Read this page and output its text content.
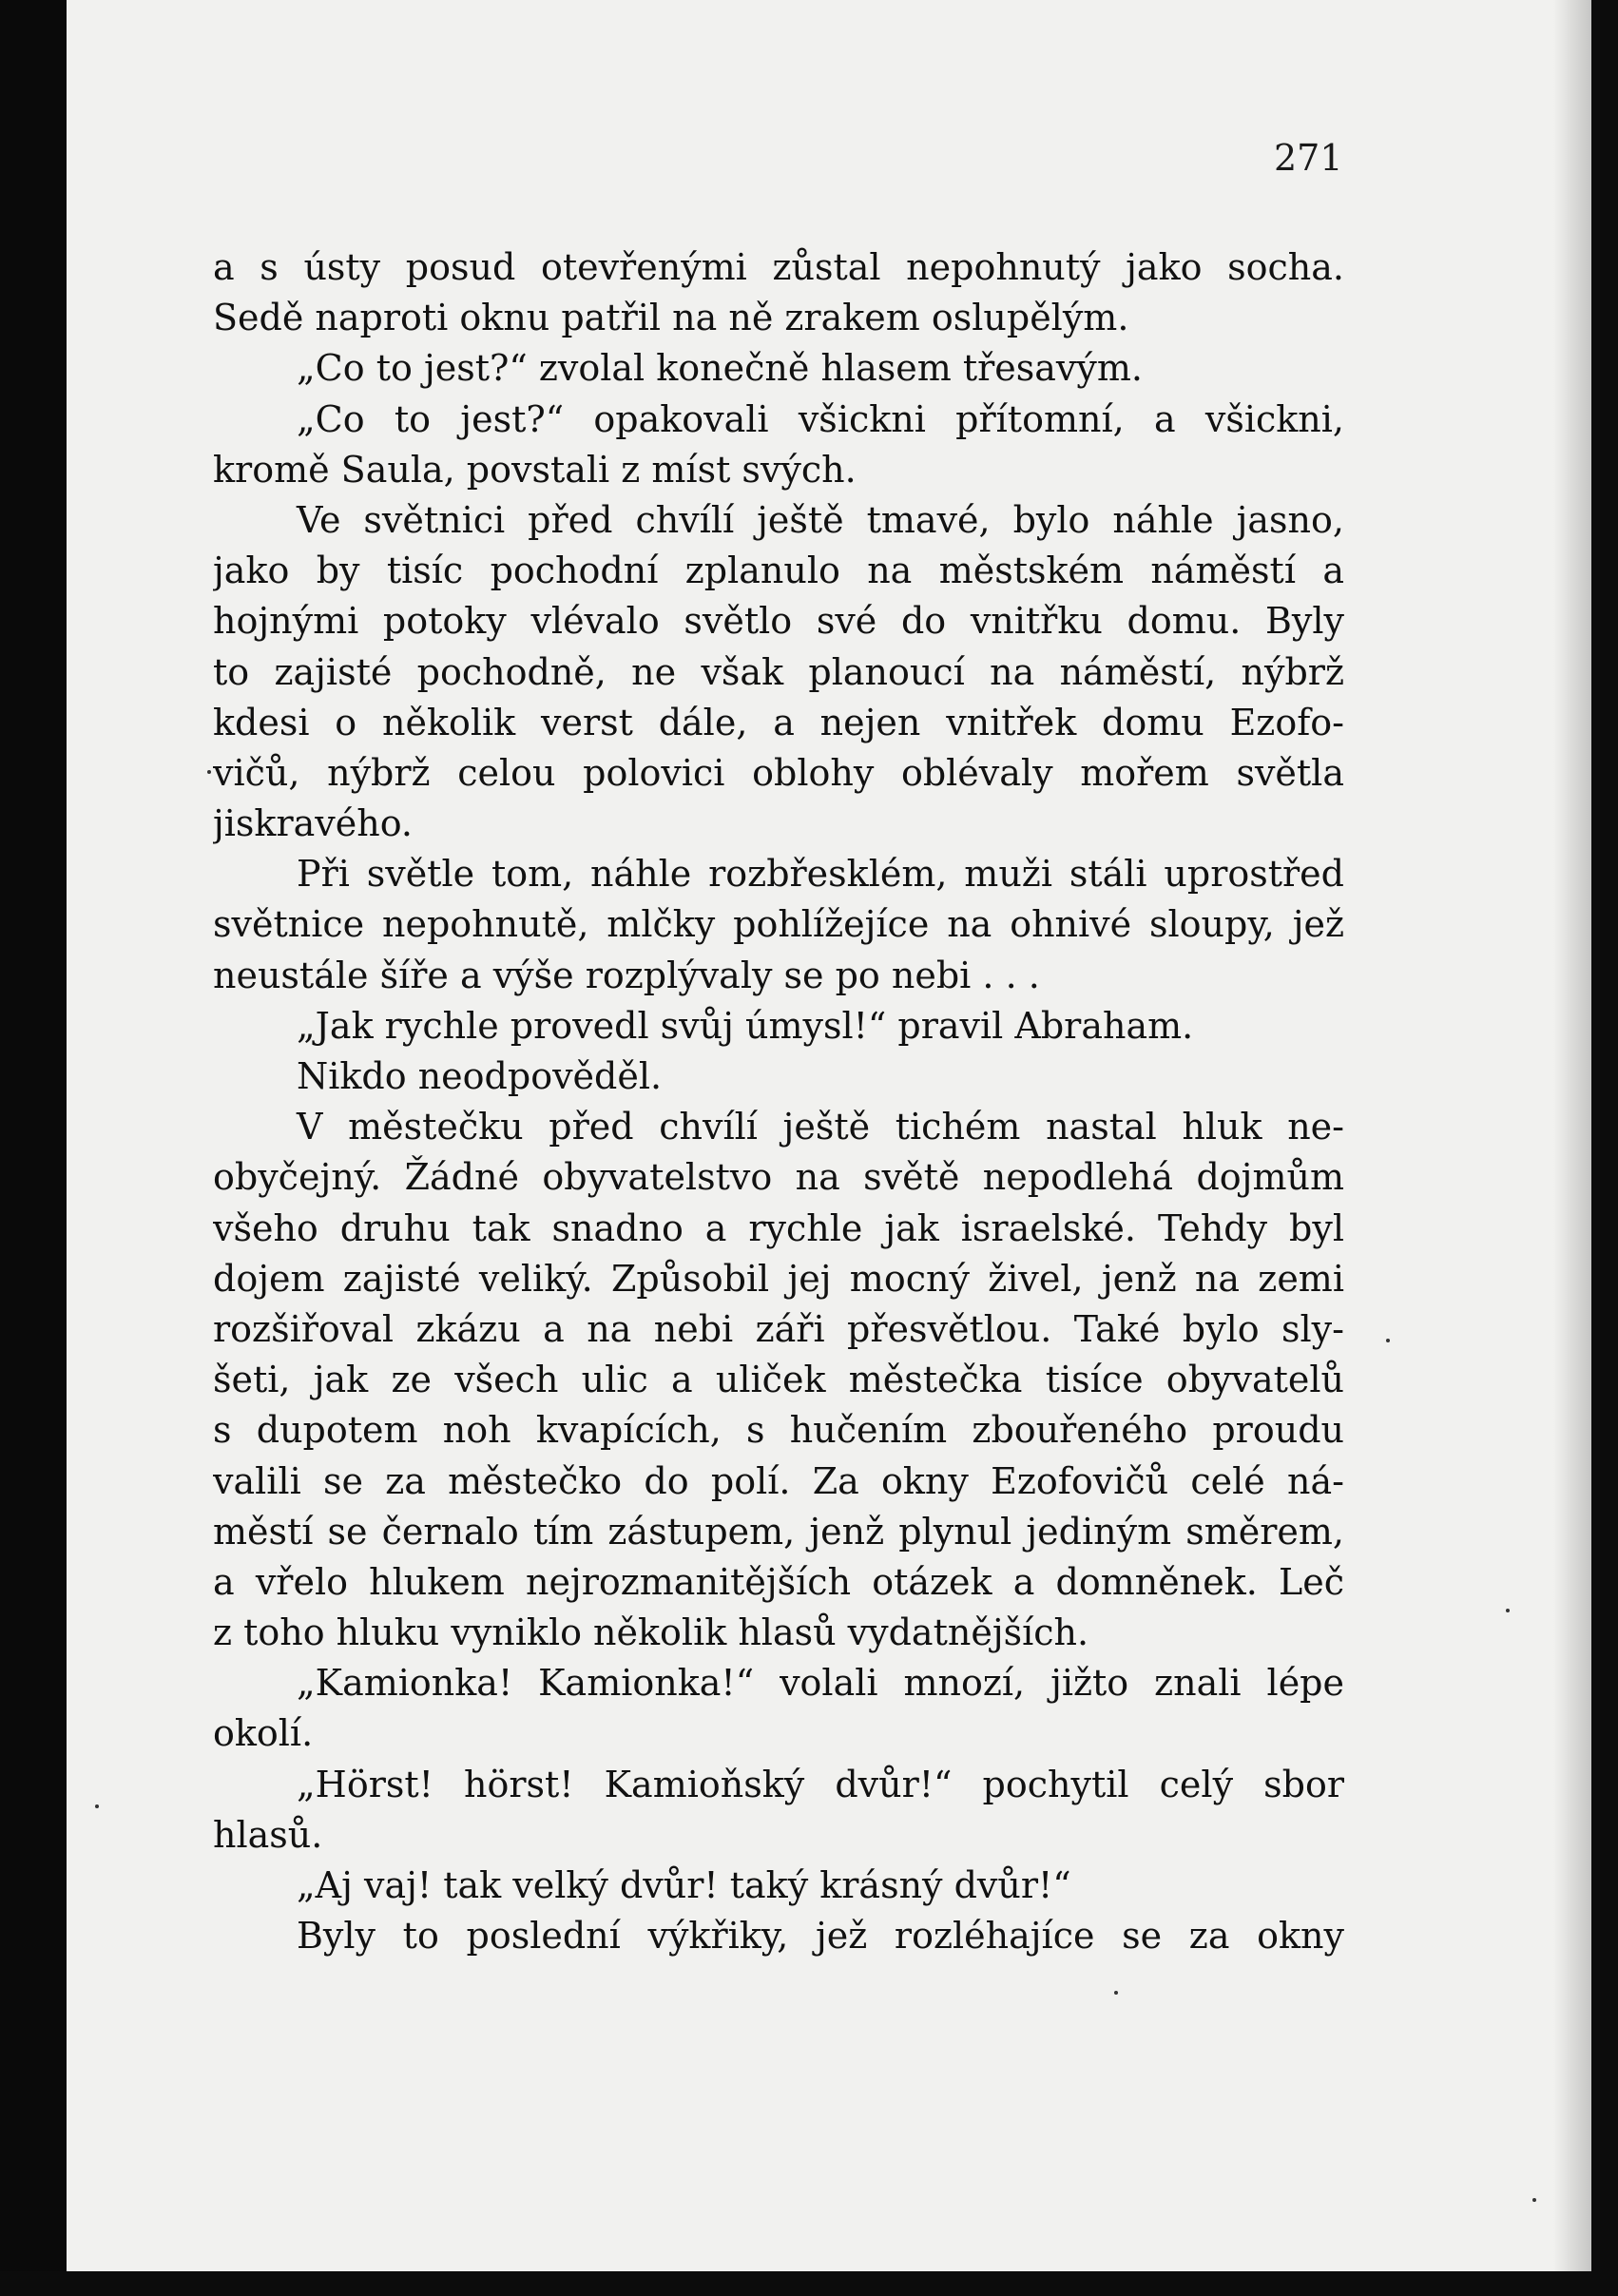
271
a s ústy posud otevřenými zůstal nepohnutý jako socha.
Sedě naproti oknu patřil na ně zrakem oslupělým.
„Co to jest?“ zvolal konečně hlasem třesavým.
„Co to jest?“ opakovali všickni přítomní, a všickni,
kromě Saula, povstali z míst svých.
Ve světnici před chvílí ještě tmavé, bylo náhle jasno,
jako by tisíc pochodní zplanulo na městském náměstí a
hojnými potoky vlévalo světlo své do vnitřku domu. Byly
to zajisté pochodně, ne však planoucí na náměstí, nýbrž
kdesi o několik verst dále, a nejen vnitřek domu Ezofo-
vičů, nýbrž celou polovici oblohy oblévaly mořem světla
jiskravého.
Při světle tom, náhle rozbřesklém, muži stáli uprostřed
světnice nepohnutě, mlčky pohlížejíce na ohnivé sloupy, jež
neustále šíře a výše rozplývaly se po nebi . . .
„Jak rychle provedl svůj úmysl!“ pravil Abraham.
Nikdo neodpověděl.
V městečku před chvílí ještě tichém nastal hluk ne-
obyčejný. Žádné obyvatelstvo na světě nepodlehá dojmům
všeho druhu tak snadno a rychle jak israelské. Tehdy byl
dojem zajisté veliký. Způsobil jej mocný živel, jenž na zemi
rozšiřoval zkázu a na nebi záři přesvětlou. Také bylo sly-
šeti, jak ze všech ulic a uliček městečka tisíce obyvatelů
s dupotem noh kvapících, s hučením zbouřeného proudu
valili se za městečko do polí. Za okny Ezofovičů celé ná-
městí se černalo tím zástupem, jenž plynul jediným směrem,
a vřelo hlukem nejrozmanitějších otázek a domněnek. Leč
z toho hluku vyniklo několik hlasů vydatnějších.
„Kamionka! Kamionka!“ volali mnozí, jižto znali lépe
okolí.
„Hörst! hörst! Kamioňský dvůr!“ pochytil celý sbor
hlasů.
„Aj vaj! tak velký dvůr! taký krásný dvůr!“
Byly to poslední výkřiky, jež rozléhajíce se za okny
